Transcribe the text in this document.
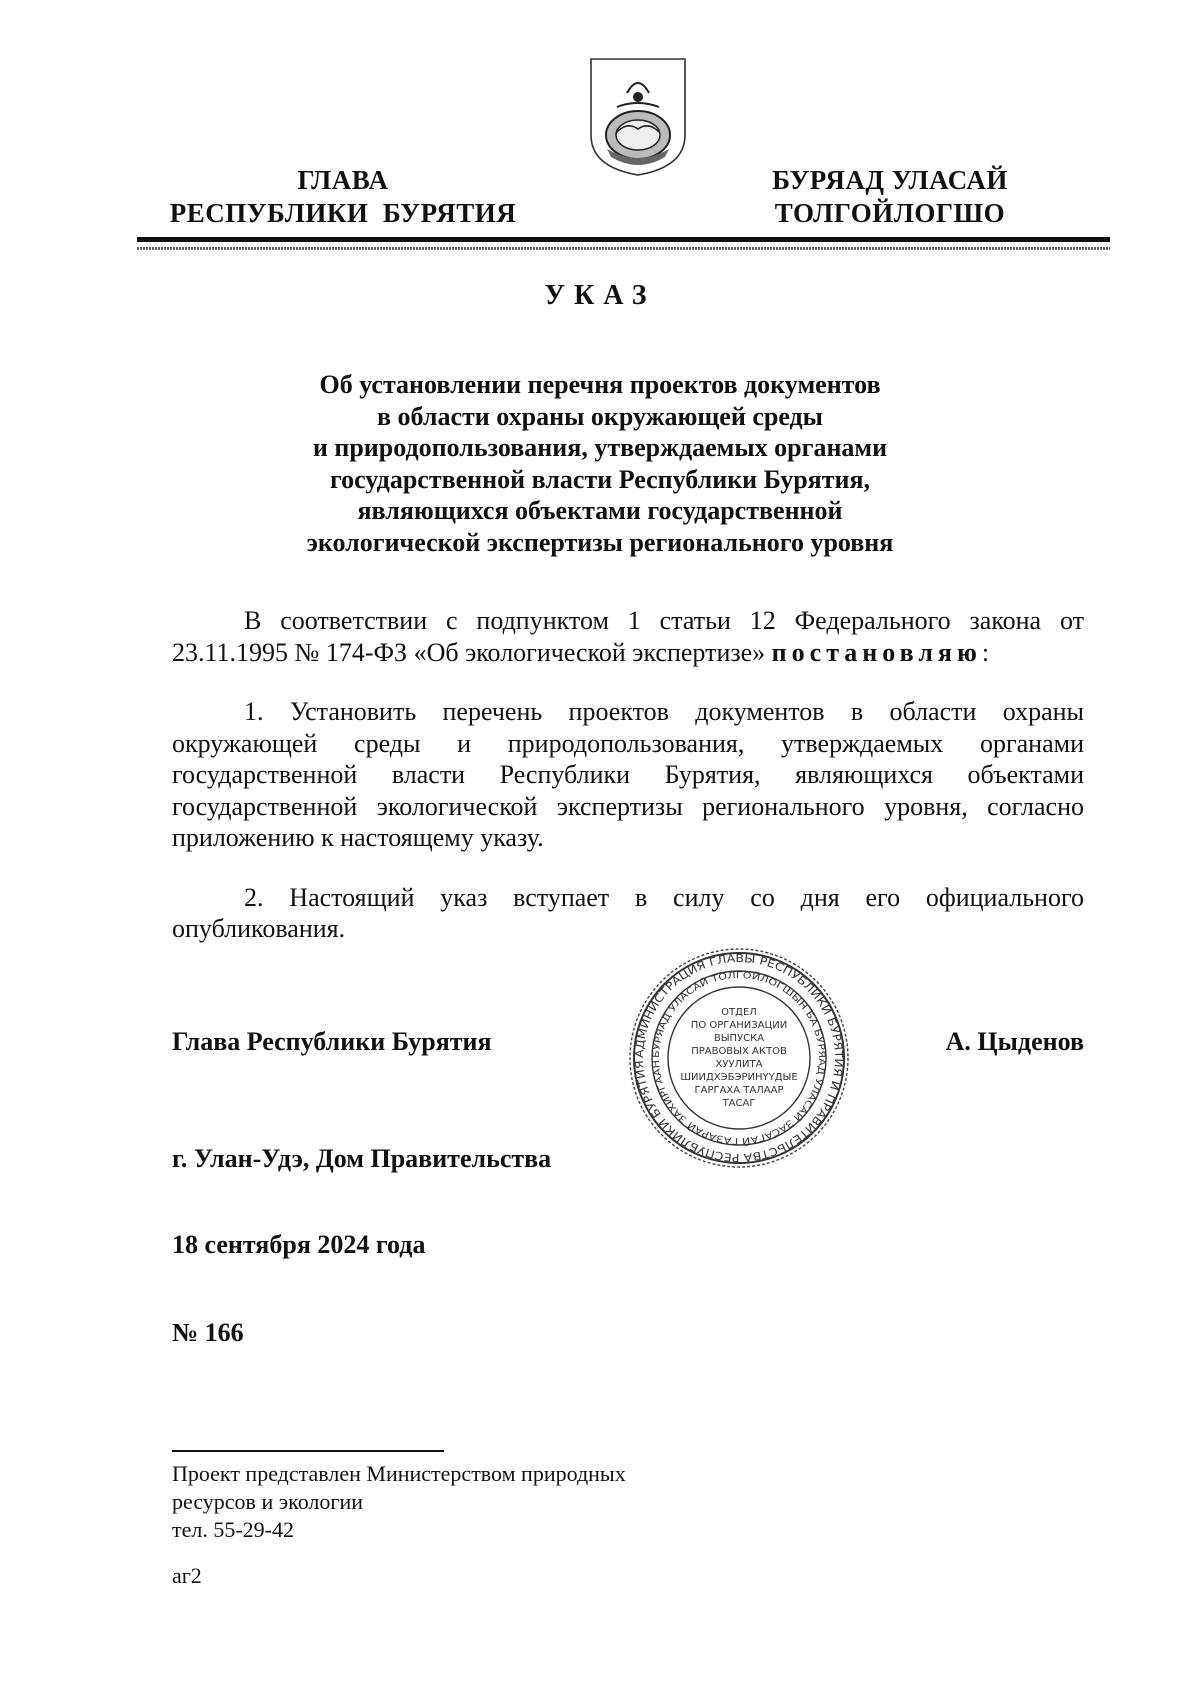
ГЛАВА
РЕСПУБЛИКИ  БУРЯТИЯ
БУРЯАД УЛАСАЙ
ТОЛГОЙЛОГШО
УКАЗ
Об установлении перечня проектов документов
в области охраны окружающей среды
и природопользования, утверждаемых органами
государственной власти Республики Бурятия,
являющихся объектами государственной
экологической экспертизы регионального уровня

В соответствии с подпунктом 1 статьи 12 Федерального закона от 23.11.1995 № 174-ФЗ «Об экологической экспертизе» постановляю:

1. Установить перечень проектов документов в области охраны окружающей среды и природопользования, утверждаемых органами государственной власти Республики Бурятия, являющихся объектами государственной экологической экспертизы регионального уровня, согласно приложению к настоящему указу.

2. Настоящий указ вступает в силу со дня его официального опубликования.

Глава Республики Бурятия	А. Цыденов
АДМИНИСТРАЦИЯ ГЛАВЫ РЕСПУБЛИКИ БУРЯТИЯ И ПРАВИТЕЛЬСТВА РЕСПУБЛИКИ БУРЯТИЯ
БУРЯАД УЛАСАЙ ТОЛГОЙЛОГШЫН БА БУРЯАД УЛАСАЙ ЗАСАГАЙ ГАЗАРАЙ ЗАХИРГААН
ОТДЕЛ
ПО ОРГАНИЗАЦИИ
ВЫПУСКА
ПРАВОВЫХ АКТОВ
ХУУЛИТА
ШИИДХЭБЭРИНҮҮДЫЕ
ГАРГАХА ТАЛААР
ТАСАГ
г. Улан-Удэ, Дом Правительства
18 сентября 2024 года
№ 166
Проект представлен Министерством природных
ресурсов и экологии
тел. 55-29-42
аг2
